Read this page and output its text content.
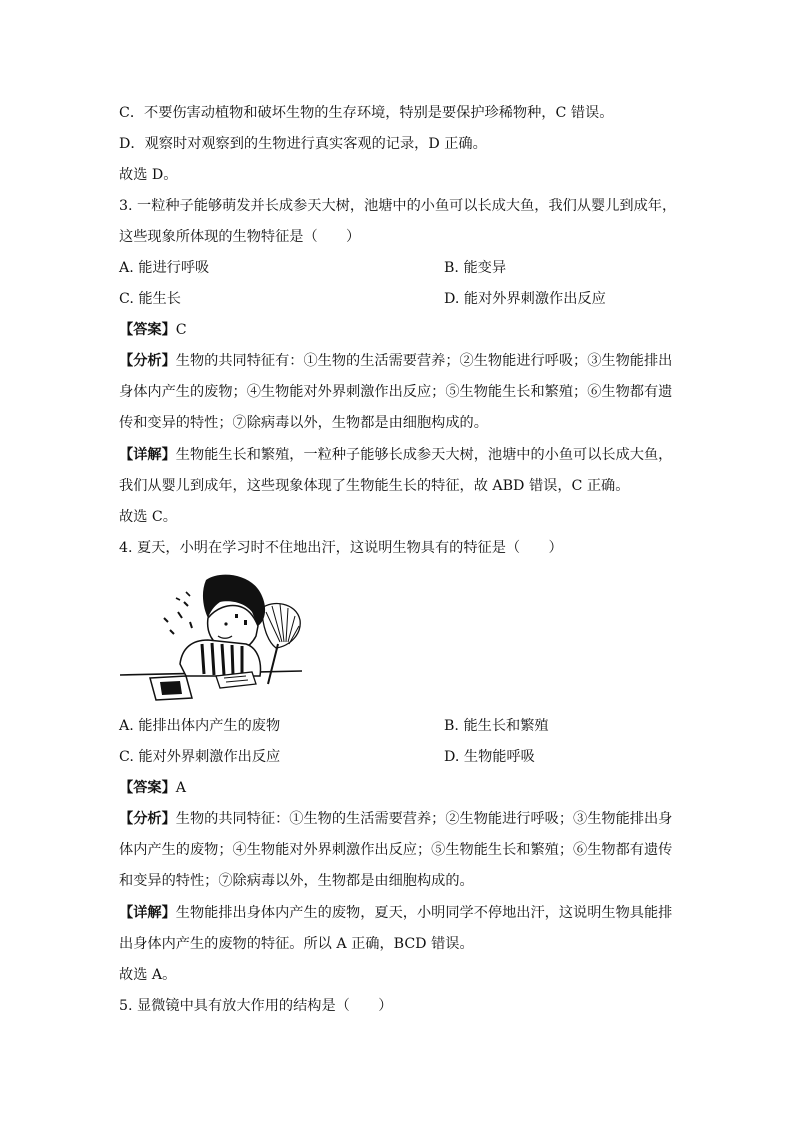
C．不要伤害动植物和破坏生物的生存环境，特别是要保护珍稀物种，C 错误。
D．观察时对观察到的生物进行真实客观的记录，D 正确。
故选 D。
3. 一粒种子能够萌发并长成参天大树，池塘中的小鱼可以长成大鱼，我们从婴儿到成年，
这些现象所体现的生物特征是（　　）
A. 能进行呼吸	B. 能变异
C. 能生长	D. 能对外界刺激作出反应
【答案】C
【分析】生物的共同特征有：①生物的生活需要营养；②生物能进行呼吸；③生物能排出
身体内产生的废物；④生物能对外界刺激作出反应；⑤生物能生长和繁殖；⑥生物都有遗
传和变异的特性；⑦除病毒以外，生物都是由细胞构成的。
【详解】生物能生长和繁殖，一粒种子能够长成参天大树，池塘中的小鱼可以长成大鱼，
我们从婴儿到成年，这些现象体现了生物能生长的特征，故 ABD 错误，C 正确。
故选 C。
4. 夏天，小明在学习时不住地出汗，这说明生物具有的特征是（　　）
A. 能排出体内产生的废物	B. 能生长和繁殖
C. 能对外界刺激作出反应	D. 生物能呼吸
【答案】A
【分析】生物的共同特征：①生物的生活需要营养；②生物能进行呼吸；③生物能排出身
体内产生的废物；④生物能对外界刺激作出反应；⑤生物能生长和繁殖；⑥生物都有遗传
和变异的特性；⑦除病毒以外，生物都是由细胞构成的。
【详解】生物能排出身体内产生的废物，夏天，小明同学不停地出汗，这说明生物具能排
出身体内产生的废物的特征。所以 A 正确，BCD 错误。
故选 A。
5. 显微镜中具有放大作用的结构是（　　）
